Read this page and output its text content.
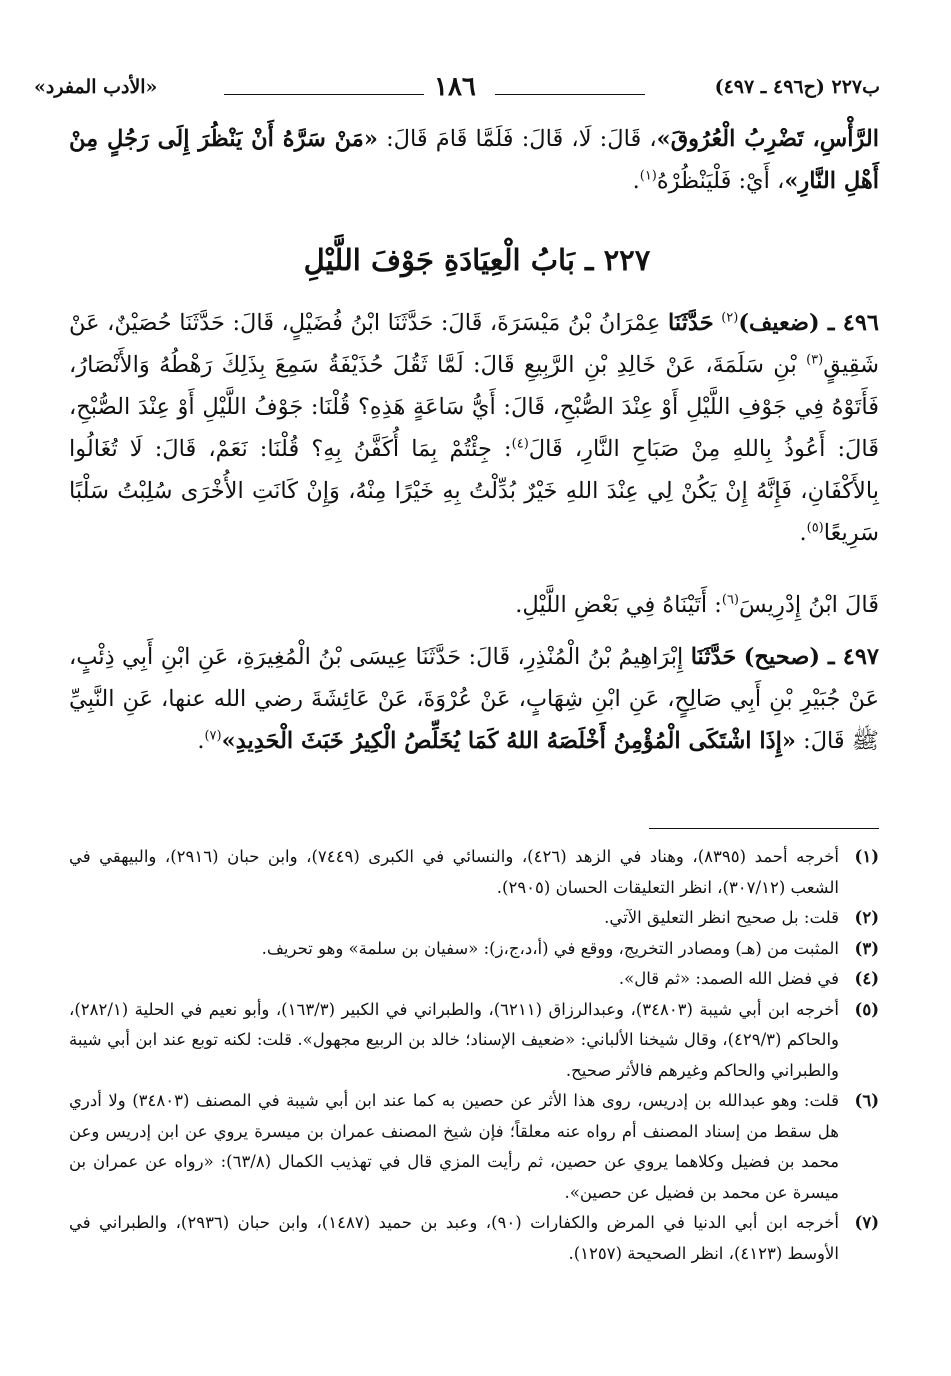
ب٢٢٧ (ح٤٩٦ ـ ٤٩٧)
١٨٦
«الأدب المفرد»

الرَّأْسِ، تَضْرِبُ الْعُرُوقَ»، قَالَ: لَا، قَالَ: فَلَمَّا قَامَ قَالَ: «مَنْ سَرَّهُ أَنْ يَنْظُرَ إِلَى رَجُلٍ مِنْ أَهْلِ النَّارِ»، أَيْ: فَلْيَنْظُرْهُ$^{(١)}$.

٢٢٧ ـ بَابُ الْعِيَادَةِ جَوْفَ اللَّيْلِ

٤٩٦ ـ (ضعيف)$^{(٢)}$ حَدَّثَنَا عِمْرَانُ بْنُ مَيْسَرَةَ، قَالَ: حَدَّثَنَا ابْنُ فُضَيْلٍ، قَالَ: حَدَّثَنَا حُصَيْنٌ، عَنْ شَقِيقٍ$^{(٣)}$ بْنِ سَلَمَةَ، عَنْ خَالِدِ بْنِ الرَّبِيعِ قَالَ: لَمَّا ثَقُلَ حُذَيْفَةُ سَمِعَ بِذَلِكَ رَهْطُهُ وَالأَنْصَارُ، فَأَتَوْهُ فِي جَوْفِ اللَّيْلِ أَوْ عِنْدَ الصُّبْحِ، قَالَ: أَيُّ سَاعَةٍ هَذِهِ؟ قُلْنَا: جَوْفُ اللَّيْلِ أَوْ عِنْدَ الصُّبْحِ، قَالَ: أَعُوذُ بِاللهِ مِنْ صَبَاحِ النَّارِ، قَالَ$^{(٤)}$: جِئْتُمْ بِمَا أُكَفَّنُ بِهِ؟ قُلْنَا: نَعَمْ، قَالَ: لَا تُغَالُوا بِالأَكْفَانِ، فَإِنَّهُ إِنْ يَكُنْ لِي عِنْدَ اللهِ خَيْرٌ بُدِّلْتُ بِهِ خَيْرًا مِنْهُ، وَإِنْ كَانَتِ الأُخْرَى سُلِبْتُ سَلْبًا سَرِيعًا$^{(٥)}$.

قَالَ ابْنُ إِدْرِيسَ$^{(٦)}$: أَتَيْنَاهُ فِي بَعْضِ اللَّيْلِ.

٤٩٧ ـ (صحيح) حَدَّثَنَا إِبْرَاهِيمُ بْنُ الْمُنْذِرِ، قَالَ: حَدَّثَنَا عِيسَى بْنُ الْمُغِيرَةِ، عَنِ ابْنِ أَبِي ذِئْبٍ، عَنْ جُبَيْرِ بْنِ أَبِي صَالِحٍ، عَنِ ابْنِ شِهَابٍ، عَنْ عُرْوَةَ، عَنْ عَائِشَةَ رضي الله عنها، عَنِ النَّبِيِّ ﷺ قَالَ: «إِذَا اشْتَكَى الْمُؤْمِنُ أَخْلَصَهُ اللهُ كَمَا يُخَلِّصُ الْكِيرُ خَبَثَ الْحَدِيدِ»$^{(٧)}$.

(١)
أخرجه أحمد (٨٣٩٥)، وهناد في الزهد (٤٢٦)، والنسائي في الكبرى (٧٤٤٩)، وابن حبان (٢٩١٦)، والبيهقي في الشعب (٣٠٧/١٢)، انظر التعليقات الحسان (٢٩٠٥).
(٢)
قلت: بل صحيح انظر التعليق الآتي.
(٣)
المثبت من (هـ) ومصادر التخريج، ووقع في (أ،د،ج،ز): «سفيان بن سلمة» وهو تحريف.
(٤)
في فضل الله الصمد: «ثم قال».
(٥)
أخرجه ابن أبي شيبة (٣٤٨٠٣)، وعبدالرزاق (٦٢١١)، والطبراني في الكبير (١٦٣/٣)، وأبو نعيم في الحلية (٢٨٢/١)، والحاكم (٤٢٩/٣)، وقال شيخنا الألباني: «ضعيف الإسناد؛ خالد بن الربيع مجهول». قلت: لكنه توبع عند ابن أبي شيبة والطبراني والحاكم وغيرهم فالأثر صحيح.
(٦)
قلت: وهو عبدالله بن إدريس، روى هذا الأثر عن حصين به كما عند ابن أبي شيبة في المصنف (٣٤٨٠٣) ولا أدري هل سقط من إسناد المصنف أم رواه عنه معلقاً؛ فإن شيخ المصنف عمران بن ميسرة يروي عن ابن إدريس وعن محمد بن فضيل وكلاهما يروي عن حصين، ثم رأيت المزي قال في تهذيب الكمال (٦٣/٨): «رواه عن عمران بن ميسرة عن محمد بن فضيل عن حصين».
(٧)
أخرجه ابن أبي الدنيا في المرض والكفارات (٩٠)، وعبد بن حميد (١٤٨٧)، وابن حبان (٢٩٣٦)، والطبراني في الأوسط (٤١٢٣)، انظر الصحيحة (١٢٥٧).
